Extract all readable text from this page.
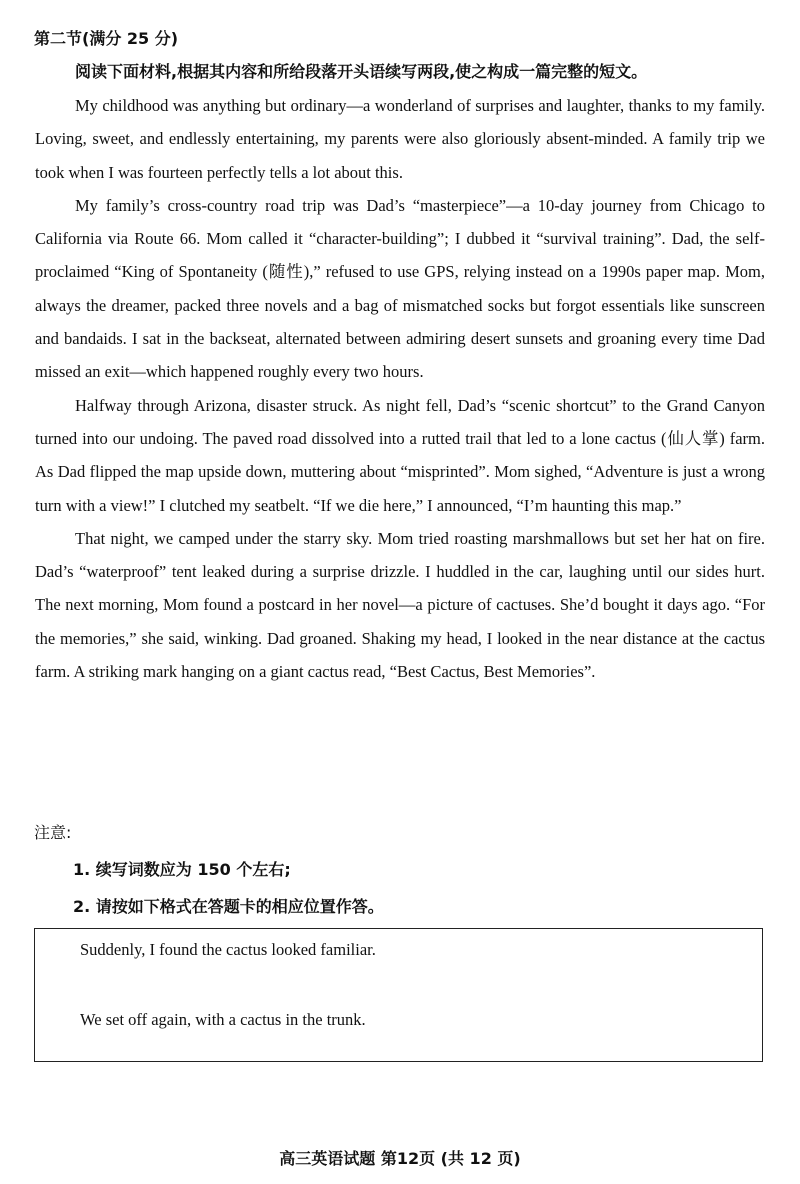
第二节(满分 25 分)
阅读下面材料,根据其内容和所给段落开头语续写两段,使之构成一篇完整的短文。

My childhood was anything but ordinary—a wonderland of surprises and laughter, thanks to my family. Loving, sweet, and endlessly entertaining, my parents were also gloriously absent-minded. A family trip we took when I was fourteen perfectly tells a lot about this.

My family’s cross-country road trip was Dad’s “masterpiece”—a 10-day journey from Chicago to California via Route 66. Mom called it “character-building”; I dubbed it “survival training”. Dad, the self-proclaimed “King of Spontaneity (随性),” refused to use GPS, relying instead on a 1990s paper map. Mom, always the dreamer, packed three novels and a bag of mismatched socks but forgot essentials like sunscreen and bandaids. I sat in the backseat, alternated between admiring desert sunsets and groaning every time Dad missed an exit—which happened roughly every two hours.

Halfway through Arizona, disaster struck. As night fell, Dad’s “scenic shortcut” to the Grand Canyon turned into our undoing. The paved road dissolved into a rutted trail that led to a lone cactus (仙人掌) farm. As Dad flipped the map upside down, muttering about “misprinted”. Mom sighed, “Adventure is just a wrong turn with a view!” I clutched my seatbelt. “If we die here,” I announced, “I’m haunting this map.”

That night, we camped under the starry sky. Mom tried roasting marshmallows but set her hat on fire. Dad’s “waterproof” tent leaked during a surprise drizzle. I huddled in the car, laughing until our sides hurt. The next morning, Mom found a postcard in her novel—a picture of cactuses. She’d bought it days ago. “For the memories,” she said, winking. Dad groaned. Shaking my head, I looked in the near distance at the cactus farm. A striking mark hanging on a giant cactus read, “Best Cactus, Best Memories”.

注意:
1. 续写词数应为 150 个左右;
2. 请按如下格式在答题卡的相应位置作答。
Suddenly, I found the cactus looked familiar.
We set off again, with a cactus in the trunk.
高三英语试题 第12页 (共 12 页)
